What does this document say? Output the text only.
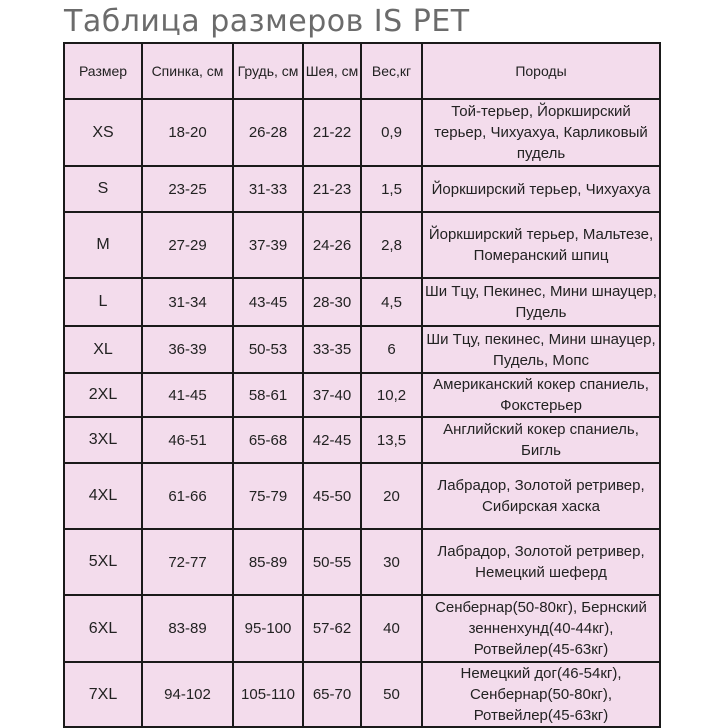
Таблица размеров IS PET
Размер	Спинка, см	Грудь, см	Шея, см	Вес,кг	Породы
XS	18-20	26-28	21-22	0,9	Той-терьер, Йоркширский терьер, Чихуахуа, Карликовый пудель
S	23-25	31-33	21-23	1,5	Йоркширский терьер, Чихуахуа
M	27-29	37-39	24-26	2,8	Йоркширский терьер, Мальтезе, Померанский шпиц
L	31-34	43-45	28-30	4,5	Ши Тцу, Пекинес, Мини шнауцер, Пудель
XL	36-39	50-53	33-35	6	Ши Тцу, пекинес, Мини шнауцер, Пудель, Мопс
2XL	41-45	58-61	37-40	10,2	Американский кокер спаниель, Фокстерьер
3XL	46-51	65-68	42-45	13,5	Английский кокер спаниель, Бигль
4XL	61-66	75-79	45-50	20	Лабрадор, Золотой ретривер, Сибирская хаска
5XL	72-77	85-89	50-55	30	Лабрадор, Золотой ретривер, Немецкий шеферд
6XL	83-89	95-100	57-62	40	Сенбернар(50-80кг), Бернский зенненхунд(40-44кг), Ротвейлер(45-63кг)
7XL	94-102	105-110	65-70	50	Немецкий дог(46-54кг), Сенбернар(50-80кг), Ротвейлер(45-63кг)
